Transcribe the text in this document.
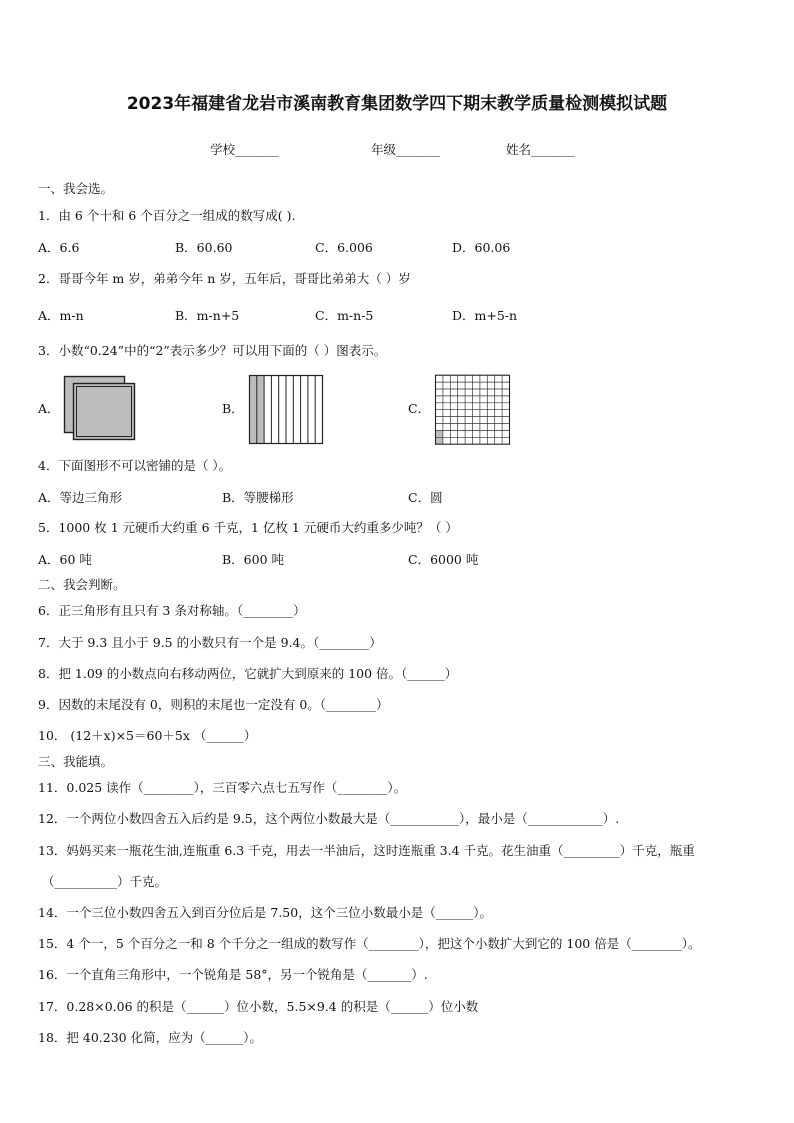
2023年福建省龙岩市溪南教育集团数学四下期末教学质量检测模拟试题
学校_______	年级_______	姓名_______
一、我会选。
1．由 6 个十和 6 个百分之一组成的数写成( ).
A．6.6	B．60.60	C．6.006	D．60.06
2．哥哥今年 m 岁，弟弟今年 n 岁，五年后，哥哥比弟弟大（ ）岁
A．m-n	B．m-n+5	C．m-n-5	D．m+5-n
3．小数“0.24”中的“2”表示多少？可以用下面的（ ）图表示。
A．	B．	C．
4．下面图形不可以密铺的是（ ）。
A．等边三角形	B．等腰梯形	C．圆
5．1000 枚 1 元硬币大约重 6 千克，1 亿枚 1 元硬币大约重多少吨？（ ）
A．60 吨	B．600 吨	C．6000 吨
二、我会判断。
6．正三角形有且只有 3 条对称轴。（________）
7．大于 9.3 且小于 9.5 的小数只有一个是 9.4。（________）
8．把 1.09 的小数点向右移动两位，它就扩大到原来的 100 倍。（______）
9．因数的末尾没有 0，则积的末尾也一定没有 0。（________）
10． (12＋x)×5＝60＋5x （______）
三、我能填。
11．0.025 读作（________），三百零六点七五写作（________）。
12．一个两位小数四舍五入后约是 9.5，这个两位小数最大是（___________），最小是（____________）.
13．妈妈买来一瓶花生油,连瓶重 6.3 千克，用去一半油后，这时连瓶重 3.4 千克。花生油重（_________）千克，瓶重
（__________）千克。
14．一个三位小数四舍五入到百分位后是 7.50，这个三位小数最小是（______）。
15．4 个一，5 个百分之一和 8 个千分之一组成的数写作（________），把这个小数扩大到它的 100 倍是（________）。
16．一个直角三角形中，一个锐角是 58°，另一个锐角是（_______）.
17．0.28×0.06 的积是（______）位小数，5.5×9.4 的积是（______）位小数
18．把 40.230 化简，应为（______）。
